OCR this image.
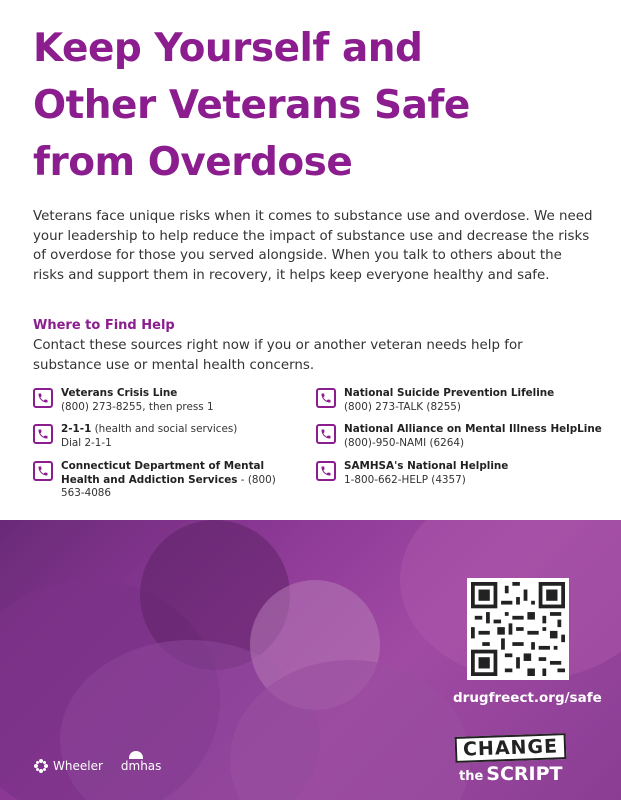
Keep Yourself and
Other Veterans Safe
from Overdose

Veterans face unique risks when it comes to substance use and overdose. We need your leadership to help reduce the impact of substance use and decrease the risks of overdose for those you served alongside. When you talk to others about the risks and support them in recovery, it helps keep everyone healthy and safe.

Where to Find Help

Contact these sources right now if you or another veteran needs help for substance use or mental health concerns.

Veterans Crisis Line
(800) 273-8255, then press 1
2-1-1 (health and social services)
Dial 2-1-1
Connecticut Department of Mental Health and Addiction Services - (800) 563-4086
National Suicide Prevention Lifeline
(800) 273-TALK (8255)
National Alliance on Mental Illness HelpLine
(800)-950-NAMI (6264)
SAMHSA's National Helpline
1-800-662-HELP (4357)
drugfreect.org/safe
CHANGE
the SCRIPT
Wheeler dmhas
